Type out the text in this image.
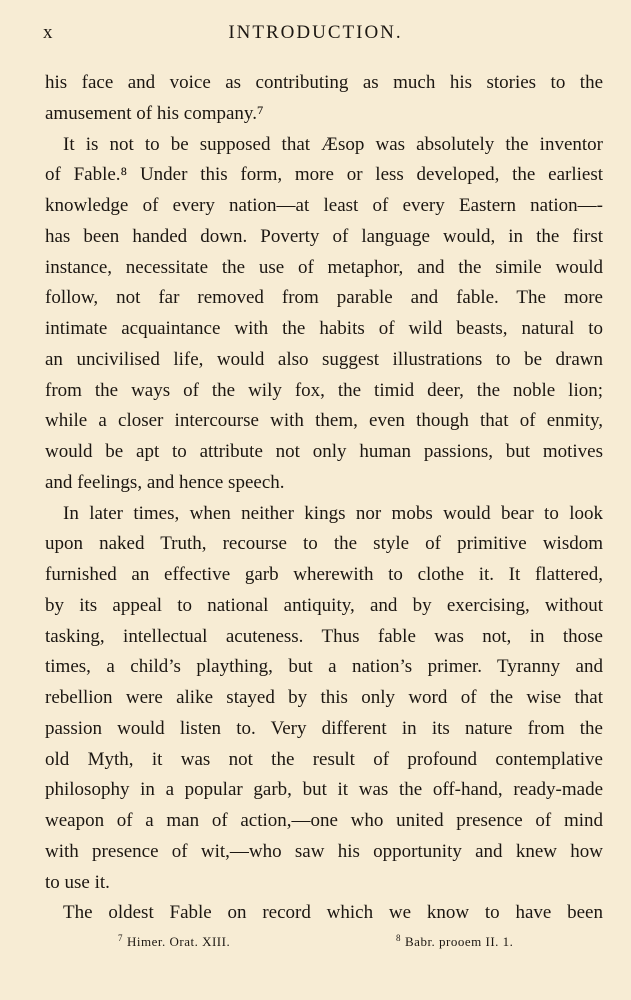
x	INTRODUCTION.
his face and voice as contributing as much his stories to the
amusement of his company.⁷
It is not to be supposed that Æsop was absolutely the inventor
of Fable.⁸ Under this form, more or less developed, the earliest
knowledge of every nation—at least of every Eastern nation—-
has been handed down. Poverty of language would, in the first
instance, necessitate the use of metaphor, and the simile would
follow, not far removed from parable and fable. The more
intimate acquaintance with the habits of wild beasts, natural to
an uncivilised life, would also suggest illustrations to be drawn
from the ways of the wily fox, the timid deer, the noble lion;
while a closer intercourse with them, even though that of enmity,
would be apt to attribute not only human passions, but motives
and feelings, and hence speech.
In later times, when neither kings nor mobs would bear to look
upon naked Truth, recourse to the style of primitive wisdom
furnished an effective garb wherewith to clothe it. It flattered,
by its appeal to national antiquity, and by exercising, without
tasking, intellectual acuteness. Thus fable was not, in those
times, a child’s plaything, but a nation’s primer. Tyranny and
rebellion were alike stayed by this only word of the wise that
passion would listen to. Very different in its nature from the
old Myth, it was not the result of profound contemplative
philosophy in a popular garb, but it was the off-hand, ready-made
weapon of a man of action,—one who united presence of mind
with presence of wit,—who saw his opportunity and knew how
to use it.
The oldest Fable on record which we know to have been
$^7$ Himer. Orat. XIII.	$^8$ Babr. prooem II. 1.
